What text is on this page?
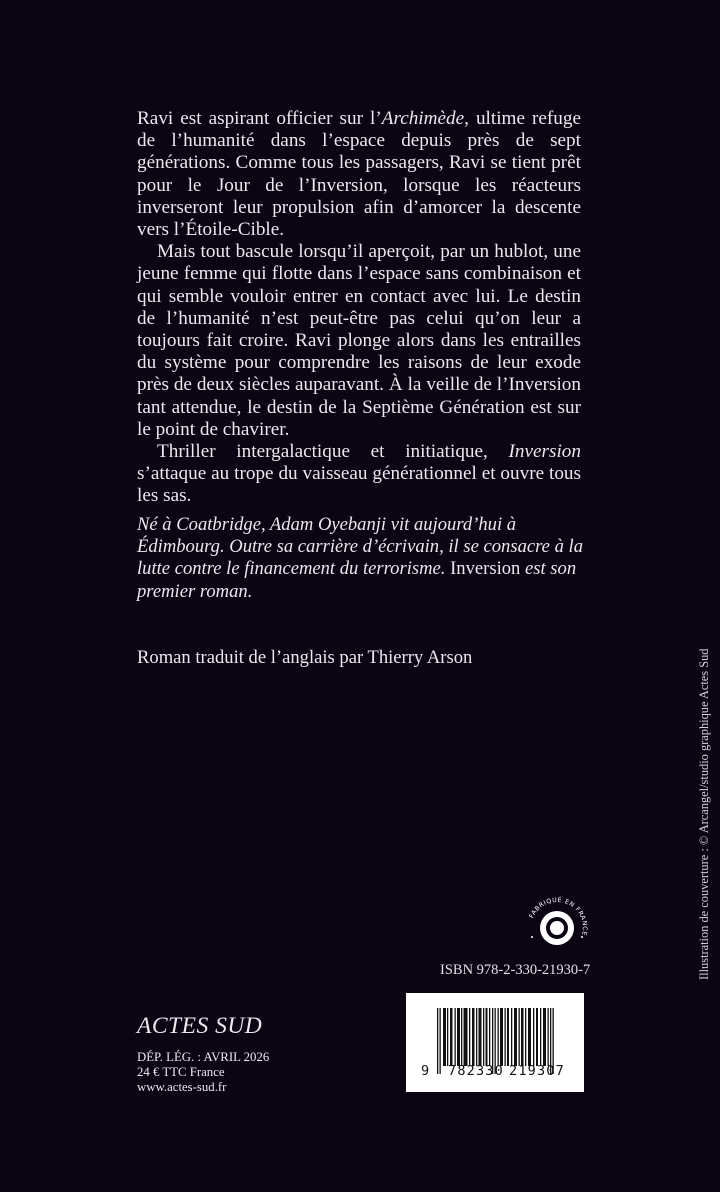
Ravi est aspirant officier sur l’Archimède, ultime refuge de l’humanité dans l’espace depuis près de sept générations. Comme tous les passagers, Ravi se tient prêt pour le Jour de l’Inversion, lorsque les réacteurs inverseront leur propulsion afin d’amorcer la descente vers l’Étoile-Cible.

Mais tout bascule lorsqu’il aperçoit, par un hublot, une jeune femme qui flotte dans l’espace sans combinaison et qui semble vouloir entrer en contact avec lui. Le destin de l’humanité n’est peut-être pas celui qu’on leur a toujours fait croire. Ravi plonge alors dans les entrailles du système pour comprendre les raisons de leur exode près de deux siècles auparavant. À la veille de l’Inversion tant attendue, le destin de la Septième Génération est sur le point de chavirer.

Thriller intergalactique et initiatique, Inversion s’attaque au trope du vaisseau générationnel et ouvre tous les sas.

Né à Coatbridge, Adam Oyebanji vit aujourd’hui à Édimbourg. Outre sa carrière d’écrivain, il se consacre à la lutte contre le financement du terrorisme. Inversion est son premier roman.
Roman traduit de l’anglais par Thierry Arson	Illustration de couverture : © Arcangel/studio graphique Actes Sud
FABRIQUÉ EN FRANCE
ISBN 978-2-330-21930-7
9 782330 219307
ACTES SUD
DÉP. LÉG. : AVRIL 2026
24 € TTC France
www.actes-sud.fr
